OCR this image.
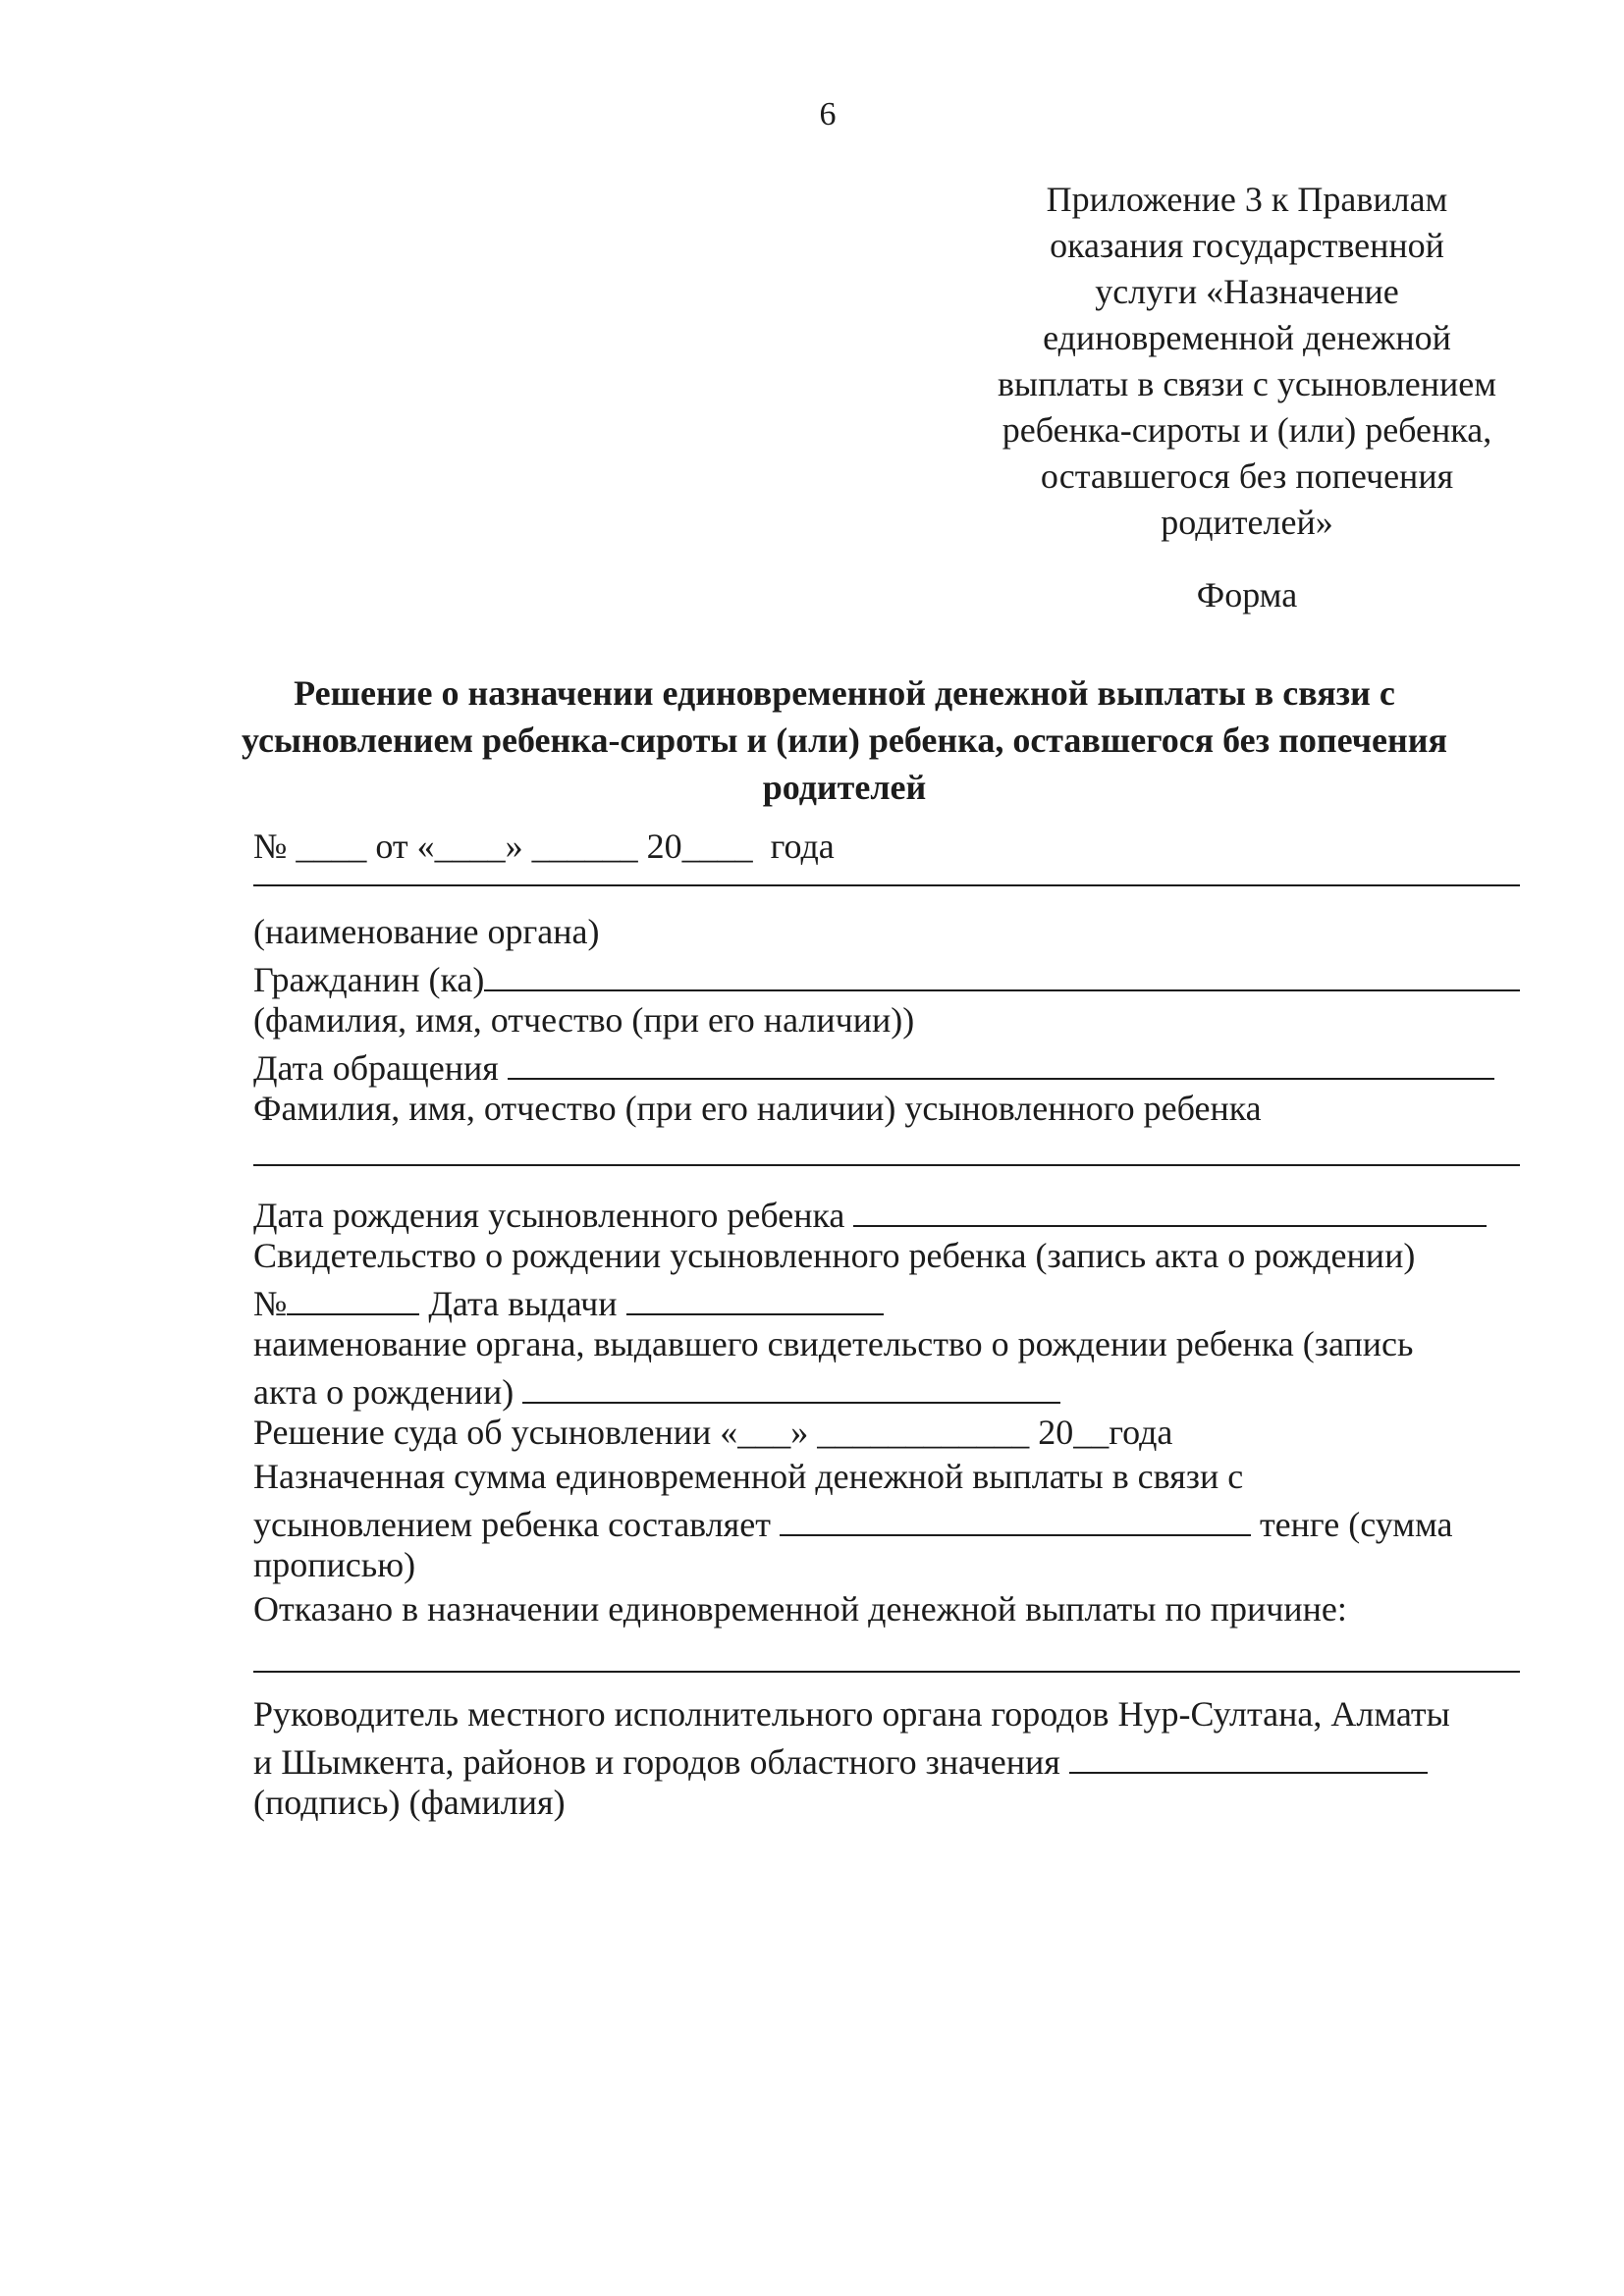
6
Приложение 3 к Правилам
оказания государственной
услуги «Назначение
единовременной денежной
выплаты в связи с усыновлением
ребенка-сироты и (или) ребенка,
оставшегося без попечения
родителей»
Форма
Решение о назначении единовременной денежной выплаты в связи с
усыновлением ребенка-сироты и (или) ребенка, оставшегося без попечения
родителей
№ ____ от «____» ______ 20____  года
(наименование органа)
Гражданин (ка)
(фамилия, имя, отчество (при его наличии))
Дата обращения
Фамилия, имя, отчество (при его наличии) усыновленного ребенка
Дата рождения усыновленного ребенка
Свидетельство о рождении усыновленного ребенка (запись акта о рождении)
№	Дата выдачи
наименование органа, выдавшего свидетельство о рождении ребенка (запись
акта о рождении)
Решение суда об усыновлении «___» ____________ 20__года
Назначенная сумма единовременной денежной выплаты в связи с
усыновлением ребенка составляет	тенге (сумма
прописью)
Отказано в назначении единовременной денежной выплаты по причине:
Руководитель местного исполнительного органа городов Нур-Султана, Алматы
и Шымкента, районов и городов областного значения
(подпись) (фамилия)
